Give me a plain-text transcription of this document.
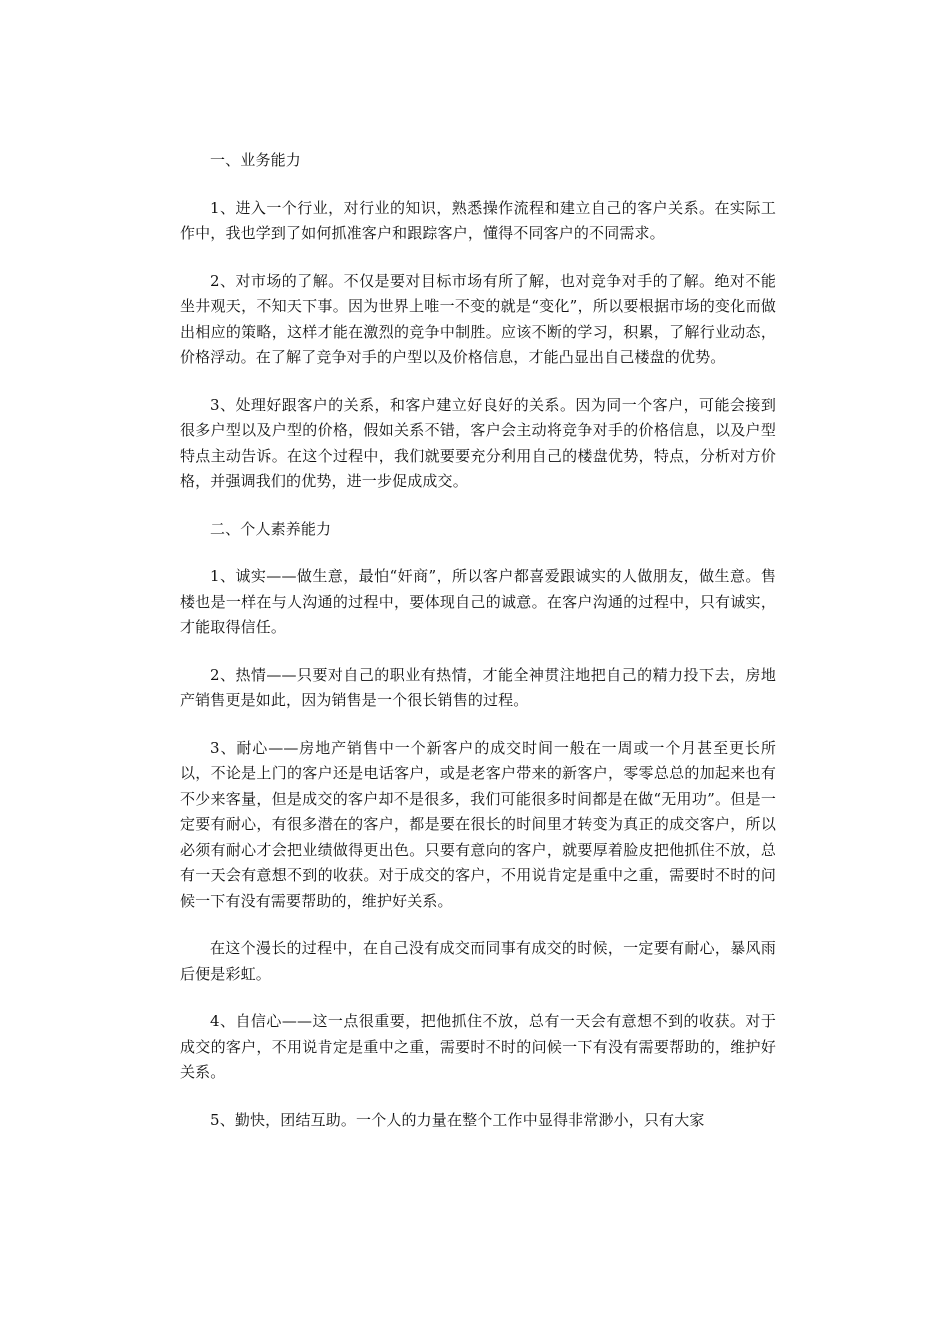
一、业务能力

1、进入一个行业，对行业的知识，熟悉操作流程和建立自己的客户关系。在实际工作中，我也学到了如何抓准客户和跟踪客户，懂得不同客户的不同需求。

2、对市场的了解。不仅是要对目标市场有所了解，也对竞争对手的了解。绝对不能坐井观天，不知天下事。因为世界上唯一不变的就是“变化”，所以要根据市场的变化而做出相应的策略，这样才能在激烈的竞争中制胜。应该不断的学习，积累，了解行业动态，价格浮动。在了解了竞争对手的户型以及价格信息，才能凸显出自己楼盘的优势。

3、处理好跟客户的关系，和客户建立好良好的关系。因为同一个客户，可能会接到很多户型以及户型的价格，假如关系不错，客户会主动将竞争对手的价格信息，以及户型特点主动告诉。在这个过程中，我们就要要充分利用自己的楼盘优势，特点，分析对方价格，并强调我们的优势，进一步促成成交。

二、个人素养能力

1、诚实——做生意，最怕“奸商”，所以客户都喜爱跟诚实的人做朋友，做生意。售楼也是一样在与人沟通的过程中，要体现自己的诚意。在客户沟通的过程中，只有诚实，才能取得信任。

2、热情——只要对自己的职业有热情，才能全神贯注地把自己的精力投下去，房地产销售更是如此，因为销售是一个很长销售的过程。

3、耐心——房地产销售中一个新客户的成交时间一般在一周或一个月甚至更长所以，不论是上门的客户还是电话客户，或是老客户带来的新客户，零零总总的加起来也有不少来客量，但是成交的客户却不是很多，我们可能很多时间都是在做“无用功”。但是一定要有耐心，有很多潜在的客户，都是要在很长的时间里才转变为真正的成交客户，所以必须有耐心才会把业绩做得更出色。只要有意向的客户，就要厚着脸皮把他抓住不放，总有一天会有意想不到的收获。对于成交的客户，不用说肯定是重中之重，需要时不时的问候一下有没有需要帮助的，维护好关系。

在这个漫长的过程中，在自己没有成交而同事有成交的时候，一定要有耐心，暴风雨后便是彩虹。

4、自信心——这一点很重要，把他抓住不放，总有一天会有意想不到的收获。对于成交的客户，不用说肯定是重中之重，需要时不时的问候一下有没有需要帮助的，维护好关系。

5、勤快，团结互助。一个人的力量在整个工作中显得非常渺小，只有大家
